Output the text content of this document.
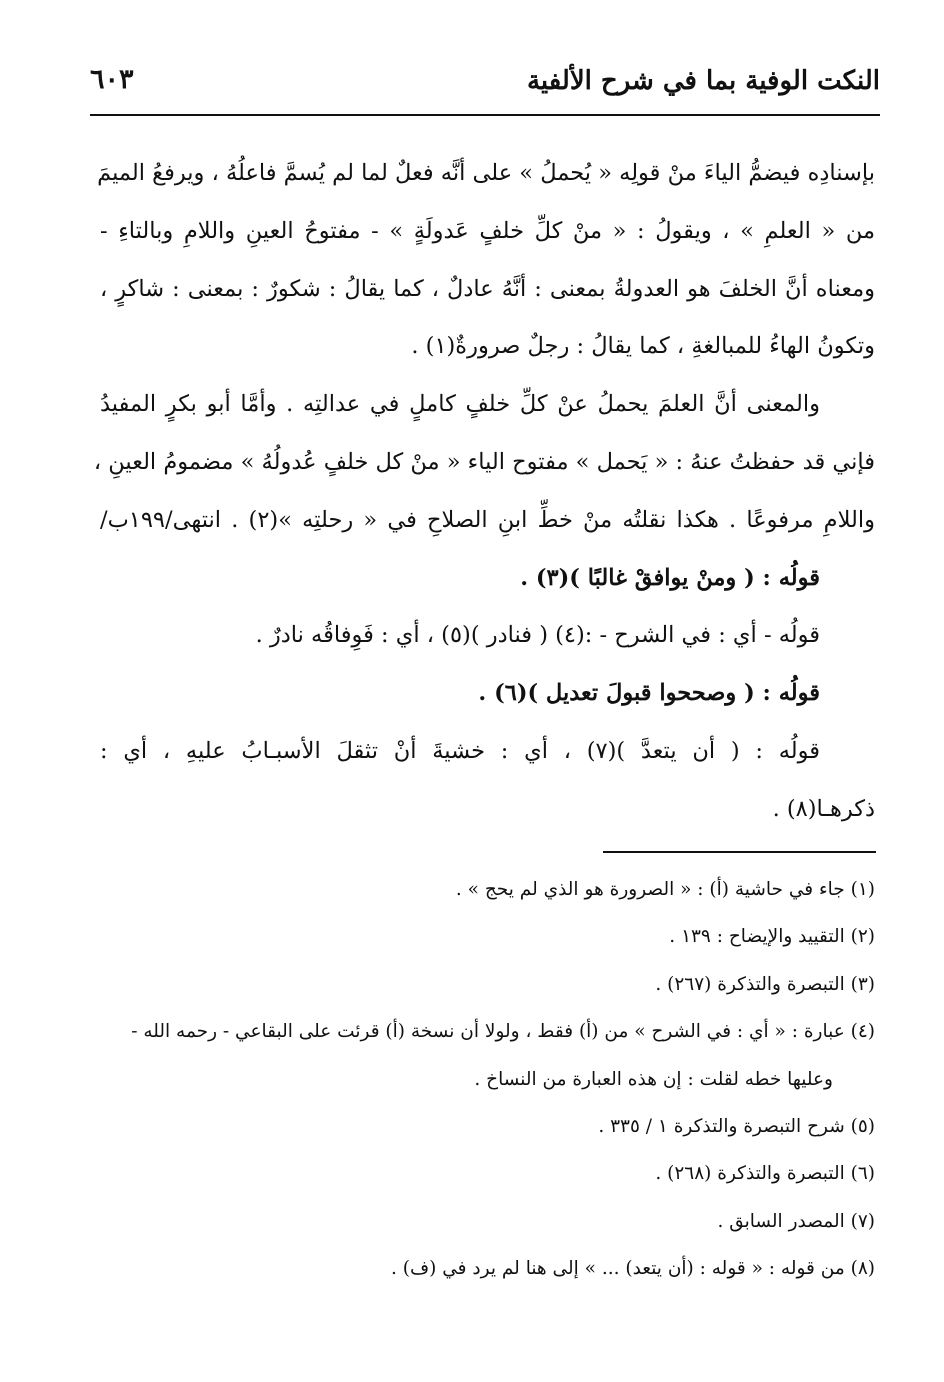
النكت الوفية بما في شرح الألفية
٦٠٣
بإسنادِه فيضمُّ الياءَ منْ قولِه « يُحملُ » على أنَّه فعلٌ لما لم يُسمَّ فاعلُهُ ، ويرفعُ الميمَ
من « العلمِ » ، ويقولُ : « منْ كلِّ خلفٍ عَدولَةٍ » - مفتوحُ العينِ واللامِ وبالتاءِ -
ومعناه أنَّ الخلفَ هو العدولةُ بمعنى : أنَّهُ عادلٌ ، كما يقالُ : شكورٌ : بمعنى : شاكرٍ ،
وتكونُ الهاءُ للمبالغةِ ، كما يقالُ : رجلٌ صرورةٌ(١) .
والمعنى أنَّ العلمَ يحملُ عنْ كلِّ خلفٍ كاملٍ في عدالتِه . وأمَّا أبو بكرٍ المفيدُ
فإني قد حفظتُ عنهُ : « يَحمل » مفتوح الياء « منْ كل خلفٍ عُدولُهُ » مضمومُ العينِ ،
واللامِ مرفوعًا . هكذا نقلتُه منْ خطِّ ابنِ الصلاحِ في « رحلتِه »(٢) . انتهى/١٩٩ب/
قولُه : ( ومنْ يوافقْ غالبًا )(٣) .
قولُه - أي : في الشرح - :(٤) ( فنادر )(٥) ، أي : فَوِفاقُه نادرٌ .
قولُه : ( وصححوا قبولَ تعديل )(٦) .
قولُه : ( أن يتعدَّ )(٧) ، أي : خشيةَ أنْ تثقلَ الأسبـابُ عليهِ ، أي :
ذكرهـا(٨) .
(١) جاء في حاشية (أ) : « الصرورة هو الذي لم يحج » .
(٢) التقييد والإيضاح : ١٣٩ .
(٣) التبصرة والتذكرة (٢٦٧) .
(٤) عبارة : « أي : في الشرح » من (أ) فقط ، ولولا أن نسخة (أ) قرئت على البقاعي - رحمه الله -
وعليها خطه لقلت : إن هذه العبارة من النساخ .
(٥) شرح التبصرة والتذكرة ١ / ٣٣٥ .
(٦) التبصرة والتذكرة (٢٦٨) .
(٧) المصدر السابق .
(٨) من قوله : « قوله : (أن يتعد) ... » إلى هنا لم يرد في (ف) .
